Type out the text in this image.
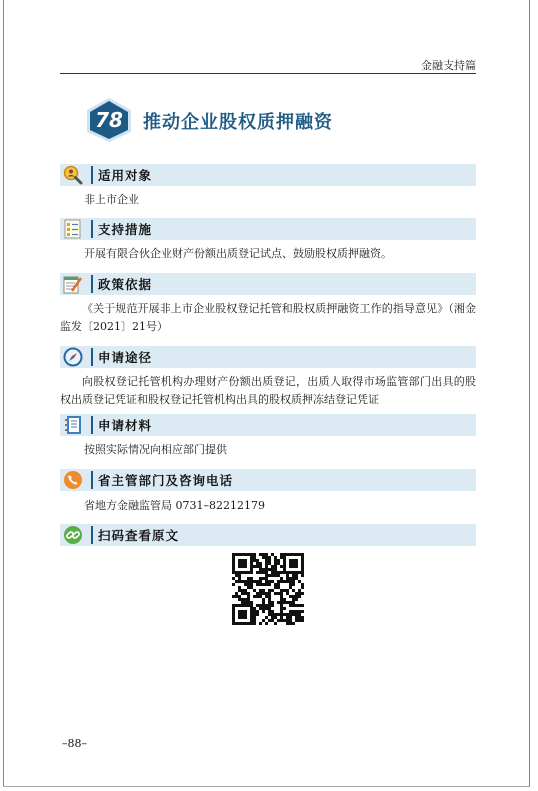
金融支持篇
78	推动企业股权质押融资
适用对象
非上市企业
支持措施
开展有限合伙企业财产份额出质登记试点、鼓励股权质押融资。
政策依据
《关于规范开展非上市企业股权登记托管和股权质押融资工作的指导意见》（湘金监发〔2021〕21号）
申请途径
向股权登记托管机构办理财产份额出质登记，出质人取得市场监管部门出具的股权出质登记凭证和股权登记托管机构出具的股权质押冻结登记凭证
申请材料
按照实际情况向相应部门提供
省主管部门及咨询电话
省地方金融监管局 0731–82212179
扫码查看原文
–88–
